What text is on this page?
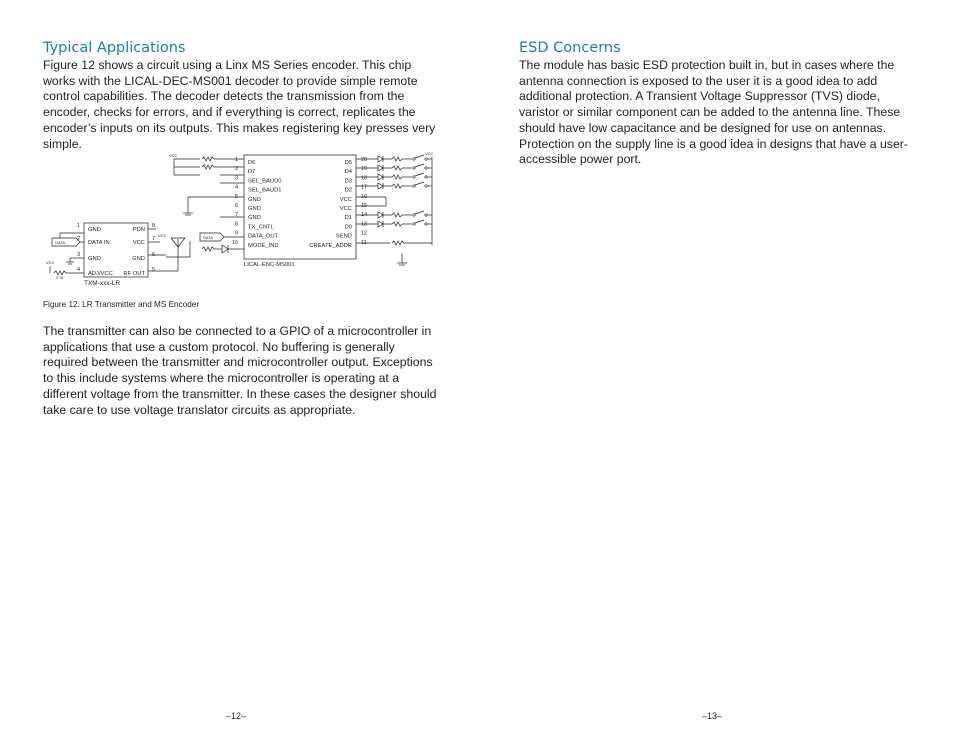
Typical Applications

Figure 12 shows a circuit using a Linx MS Series encoder. This chip works with the LICAL-DEC-MS001 decoder to provide simple remote control capabilities. The decoder detects the transmission from the encoder, checks for errors, and if everything is correct, replicates the encoder’s inputs on its outputs. This makes registering key presses very simple.

TXM-xxx-LR
1
GND
2
DATA IN
3
GND
4
ADJ/VCC
8
PDN
7
VCC
6
GND
5
RF OUT
LICAL-ENC-MS001
1 D6
2 D7
3 SEL_BAUD0
4 SEL_BAUD1
5 GND
6 GND
7 GND
8 TX_CNTL
9 DATA_OUT
10 MODE_IND
20
D5
19
D4
18
D3
17
D2
16
VCC
15
VCC
14
D1
13
D0
12
SEND
11
CREATE_ADDR
DATA
VCC
2.7k
VCC
VCC
DATA
VCC
Figure 12: LR Transmitter and MS Encoder

The transmitter can also be connected to a GPIO of a microcontroller in applications that use a custom protocol. No buffering is generally required between the transmitter and microcontroller output. Exceptions to this include systems where the microcontroller is operating at a different voltage from the transmitter. In these cases the designer should take care to use voltage translator circuits as appropriate.

–12–
ESD Concerns

The module has basic ESD protection built in, but in cases where the antenna connection is exposed to the user it is a good idea to add additional protection. A Transient Voltage Suppressor (TVS) diode, varistor or similar component can be added to the antenna line. These should have low capacitance and be designed for use on antennas. Protection on the supply line is a good idea in designs that have a user-accessible power port.

–13–
